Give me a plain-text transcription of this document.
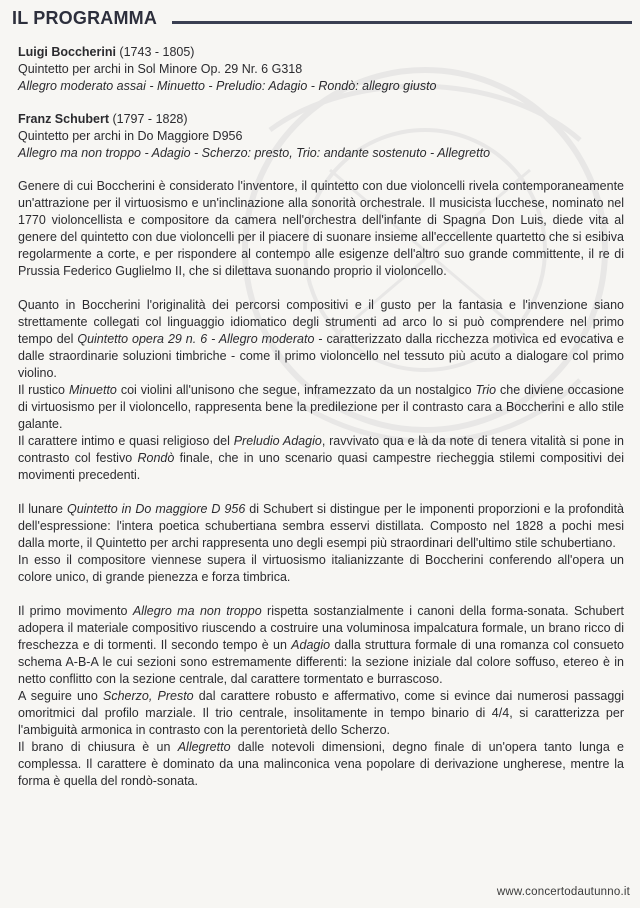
IL PROGRAMMA
Luigi Boccherini (1743 - 1805)
Quintetto per archi in Sol Minore Op. 29 Nr. 6 G318
Allegro moderato assai - Minuetto - Preludio: Adagio - Rondò: allegro giusto
Franz Schubert (1797 - 1828)
Quintetto per archi in Do Maggiore D956
Allegro ma non troppo - Adagio - Scherzo: presto, Trio: andante sostenuto - Allegretto

Genere di cui Boccherini è considerato l'inventore, il quintetto con due violoncelli rivela contemporaneamente un'attrazione per il virtuosismo e un'inclinazione alla sonorità orchestrale. Il musicista lucchese, nominato nel 1770 violoncellista e compositore da camera nell'orchestra dell'infante di Spagna Don Luis, diede vita al genere del quintetto con due violoncelli per il piacere di suonare insieme all'eccellente quartetto che si esibiva regolarmente a corte, e per rispondere al contempo alle esigenze dell'altro suo grande committente, il re di Prussia Federico Guglielmo II, che si dilettava suonando proprio il violoncello.

Quanto in Boccherini l'originalità dei percorsi compositivi e il gusto per la fantasia e l'invenzione siano strettamente collegati col linguaggio idiomatico degli strumenti ad arco lo si può comprendere nel primo tempo del Quintetto opera 29 n. 6 - Allegro moderato - caratterizzato dalla ricchezza motivica ed evocativa e dalle straordinarie soluzioni timbriche - come il primo violoncello nel tessuto più acuto a dialogare col primo violino.

Il rustico Minuetto coi violini all'unisono che segue, inframezzato da un nostalgico Trio che diviene occasione di virtuosismo per il violoncello, rappresenta bene la predilezione per il contrasto cara a Boccherini e allo stile galante.

Il carattere intimo e quasi religioso del Preludio Adagio, ravvivato qua e là da note di tenera vitalità si pone in contrasto col festivo Rondò finale, che in uno scenario quasi campestre riecheggia stilemi compositivi dei movimenti precedenti.

Il lunare Quintetto in Do maggiore D 956 di Schubert si distingue per le imponenti proporzioni e la profondità dell'espressione: l'intera poetica schubertiana sembra esservi distillata. Composto nel 1828 a pochi mesi dalla morte, il Quintetto per archi rappresenta uno degli esempi più straordinari dell'ultimo stile schubertiano.

In esso il compositore viennese supera il virtuosismo italianizzante di Boccherini conferendo all'opera un colore unico, di grande pienezza e forza timbrica.

Il primo movimento Allegro ma non troppo rispetta sostanzialmente i canoni della forma-sonata. Schubert adopera il materiale compositivo riuscendo a costruire una voluminosa impalcatura formale, un brano ricco di freschezza e di tormenti. Il secondo tempo è un Adagio dalla struttura formale di una romanza col consueto schema A-B-A le cui sezioni sono estremamente differenti: la sezione iniziale dal colore soffuso, etereo è in netto conflitto con la sezione centrale, dal carattere tormentato e burrascoso.

A seguire uno Scherzo, Presto dal carattere robusto e affermativo, come si evince dai numerosi passaggi omoritmici dal profilo marziale. Il trio centrale, insolitamente in tempo binario di 4/4, si caratterizza per l'ambiguità armonica in contrasto con la perentorietà dello Scherzo.

Il brano di chiusura è un Allegretto dalle notevoli dimensioni, degno finale di un'opera tanto lunga e complessa. Il carattere è dominato da una malinconica vena popolare di derivazione ungherese, mentre la forma è quella del rondò-sonata.

www.concertodautunno.it
